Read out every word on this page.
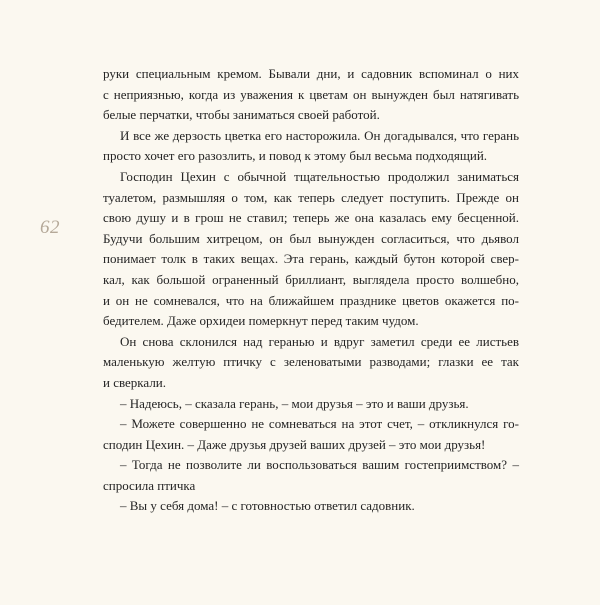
62
руки специальным кремом. Бывали дни, и садовник вспоминал о них
с неприязнью, когда из уважения к цветам он вынужден был натягивать
белые перчатки, чтобы заниматься своей работой.
И все же дерзость цветка его насторожила. Он догадывался, что герань
просто хочет его разозлить, и повод к этому был весьма подходящий.
Господин Цехин с обычной тщательностью продолжил заниматься
туалетом, размышляя о том, как теперь следует поступить. Прежде он
свою душу и в грош не ставил; теперь же она казалась ему бесценной.
Будучи большим хитрецом, он был вынужден согласиться, что дьявол
понимает толк в таких вещах. Эта герань, каждый бутон которой свер-
кал, как большой ограненный бриллиант, выглядела просто волшебно,
и он не сомневался, что на ближайшем празднике цветов окажется по-
бедителем. Даже орхидеи померкнут перед таким чудом.
Он снова склонился над геранью и вдруг заметил среди ее листьев
маленькую желтую птичку с зеленоватыми разводами; глазки ее так
и сверкали.
– Надеюсь, – сказала герань, – мои друзья – это и ваши друзья.
– Можете совершенно не сомневаться на этот счет, – откликнулся го-
сподин Цехин. – Даже друзья друзей ваших друзей – это мои друзья!
– Тогда не позволите ли воспользоваться вашим гостеприимством? –
спросила птичка
– Вы у себя дома! – с готовностью ответил садовник.
